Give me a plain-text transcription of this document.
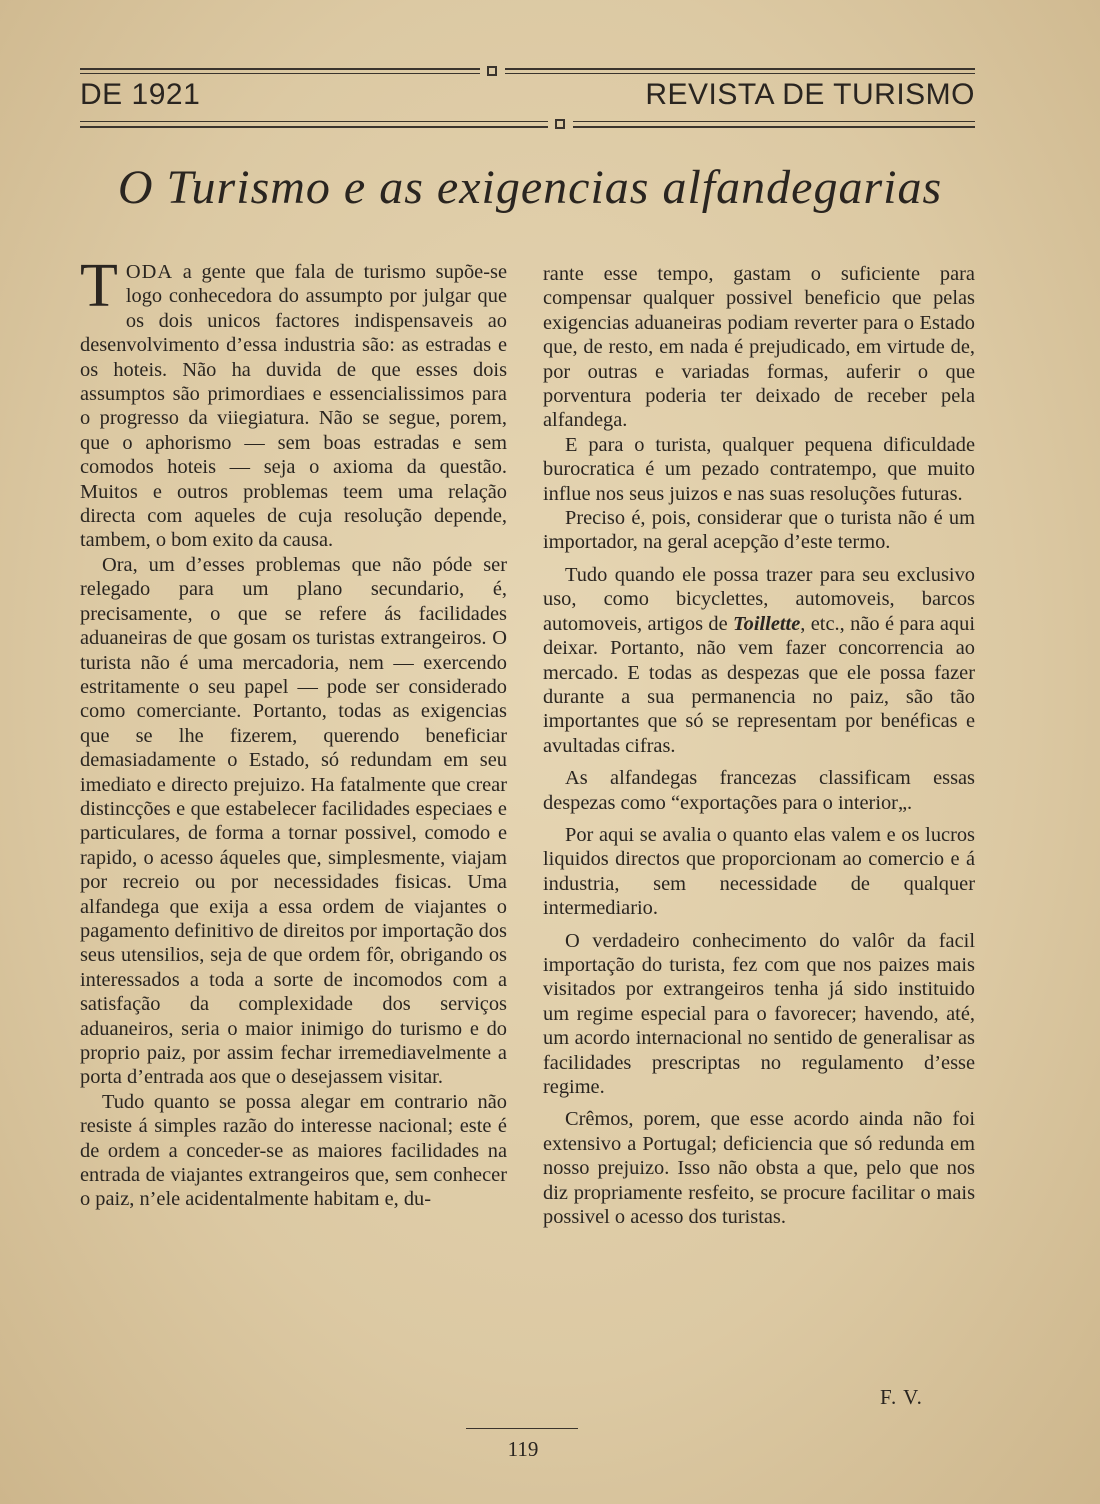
DE 1921	REVISTA DE TURISMO
O Turismo e as exigencias alfandegarias

TODA a gente que fala de turismo supõe-se logo conhecedora do assumpto por julgar que os dois unicos factores indispensaveis ao desenvolvimento d’essa industria são: as estradas e os hoteis. Não ha duvida de que esses dois assumptos são primordiaes e essencialissimos para o progresso da viiegiatura. Não se segue, porem, que o aphorismo — sem boas estradas e sem comodos hoteis — seja o axioma da questão. Muitos e outros problemas teem uma relação directa com aqueles de cuja resolução depende, tambem, o bom exito da causa.

Ora, um d’esses problemas que não póde ser relegado para um plano secundario, é, precisamente, o que se refere ás facilidades aduaneiras de que gosam os turistas extrangeiros. O turista não é uma mercadoria, nem — exercendo estritamente o seu papel — pode ser considerado como comerciante. Portanto, todas as exigencias que se lhe fizerem, querendo beneficiar demasiadamente o Estado, só redundam em seu imediato e directo prejuizo. Ha fatalmente que crear distincções e que estabelecer facilidades especiaes e particulares, de forma a tornar possivel, comodo e rapido, o acesso áqueles que, simplesmente, viajam por recreio ou por necessidades fisicas. Uma alfandega que exija a essa ordem de viajantes o pagamento definitivo de direitos por importação dos seus utensilios, seja de que ordem fôr, obrigando os interessados a toda a sorte de incomodos com a satisfação da complexidade dos serviços aduaneiros, seria o maior inimigo do turismo e do proprio paiz, por assim fechar irremediavelmente a porta d’entrada aos que o desejassem visitar.

Tudo quanto se possa alegar em contrario não resiste á simples razão do interesse nacional; este é de ordem a conceder-se as maiores facilidades na entrada de viajantes extrangeiros que, sem conhecer o paiz, n’ele acidentalmente habitam e, du-

rante esse tempo, gastam o suficiente para compensar qualquer possivel beneficio que pelas exigencias aduaneiras podiam reverter para o Estado que, de resto, em nada é prejudicado, em virtude de, por outras e variadas formas, auferir o que porventura poderia ter deixado de receber pela alfandega.

E para o turista, qualquer pequena dificuldade burocratica é um pezado contratempo, que muito influe nos seus juizos e nas suas resoluções futuras.

Preciso é, pois, considerar que o turista não é um importador, na geral acepção d’este termo.

Tudo quando ele possa trazer para seu exclusivo uso, como bicyclettes, automoveis, barcos automoveis, artigos de Toillette, etc., não é para aqui deixar. Portanto, não vem fazer concorrencia ao mercado. E todas as despezas que ele possa fazer durante a sua permanencia no paiz, são tão importantes que só se representam por benéficas e avultadas cifras.

As alfandegas francezas classificam essas despezas como “exportações para o interior„.

Por aqui se avalia o quanto elas valem e os lucros liquidos directos que proporcionam ao comercio e á industria, sem necessidade de qualquer intermediario.

O verdadeiro conhecimento do valôr da facil importação do turista, fez com que nos paizes mais visitados por extrangeiros tenha já sido instituido um regime especial para o favorecer; havendo, até, um acordo internacional no sentido de generalisar as facilidades prescriptas no regulamento d’esse regime.

Crêmos, porem, que esse acordo ainda não foi extensivo a Portugal; deficiencia que só redunda em nosso prejuizo. Isso não obsta a que, pelo que nos diz propriamente resfeito, se procure facilitar o mais possivel o acesso dos turistas.

F. V.
119
